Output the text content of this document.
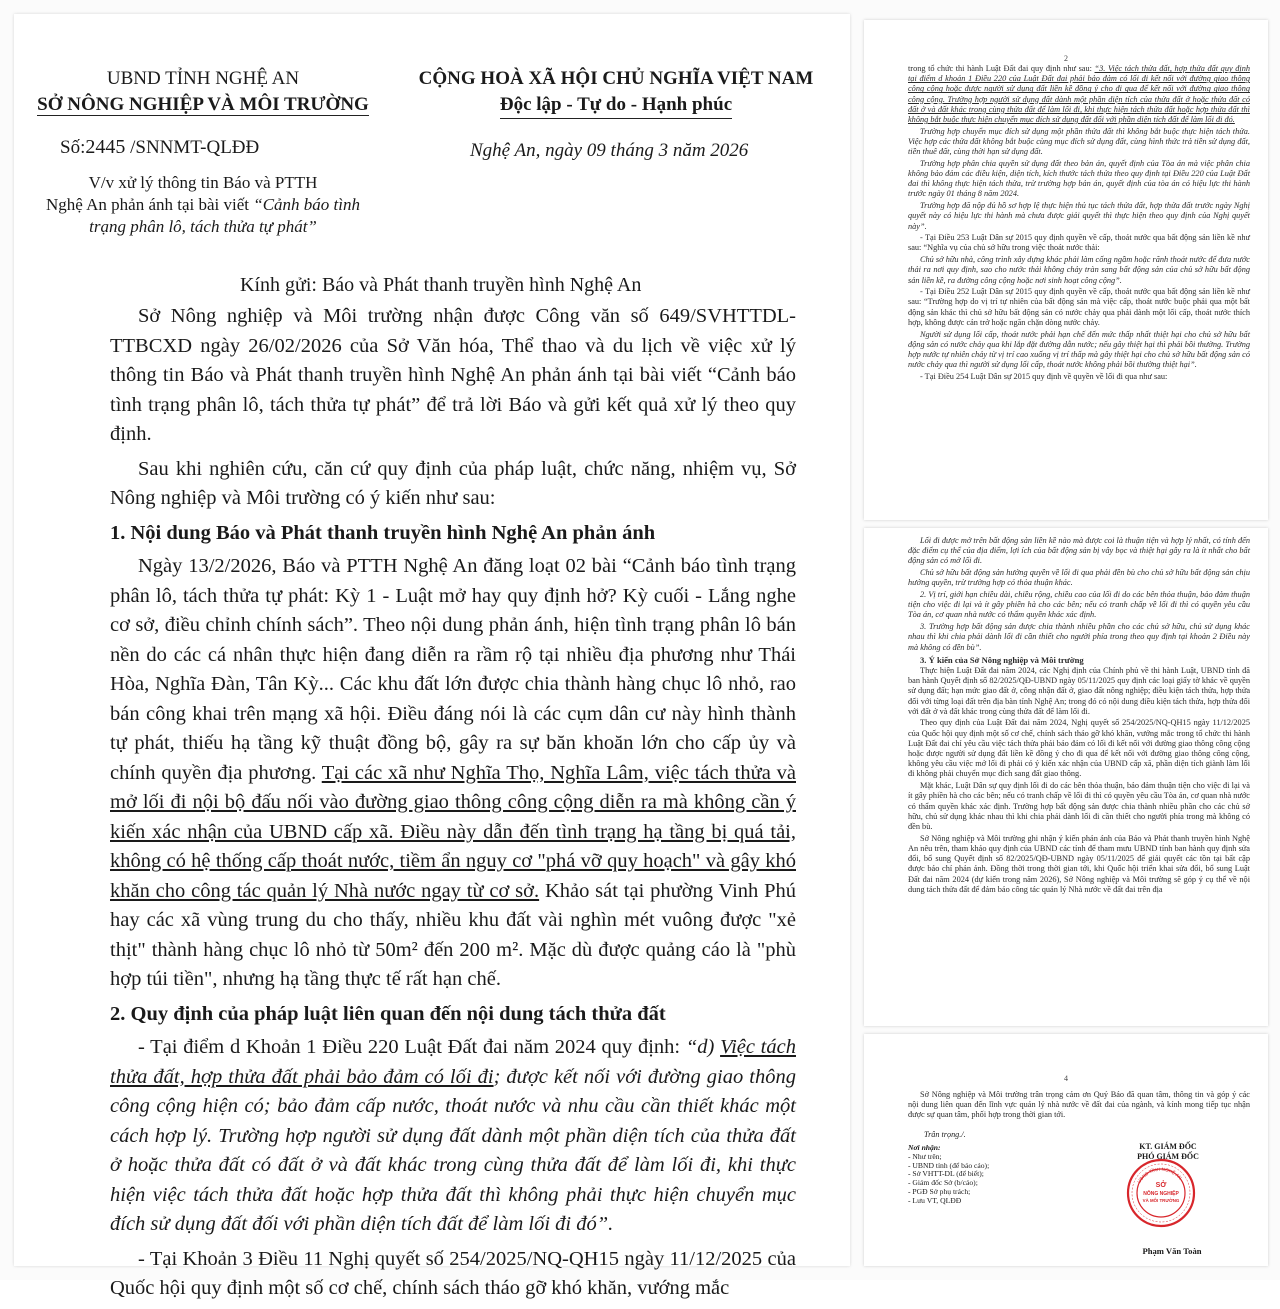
UBND TỈNH NGHỆ AN
SỞ NÔNG NGHIỆP VÀ MÔI TRƯỜNG
CỘNG HOÀ XÃ HỘI CHỦ NGHĨA VIỆT NAM
Độc lập - Tự do - Hạnh phúc
Số:2445 /SNNMT-QLĐĐ	Nghệ An, ngày 09 tháng 3 năm 2026
V/v xử lý thông tin Báo và PTTH
Nghệ An phản ánh tại bài viết “Cảnh báo tình trạng phân lô, tách thửa tự phát”
Kính gửi: Báo và Phát thanh truyền hình Nghệ An

Sở Nông nghiệp và Môi trường nhận được Công văn số 649/SVHTTDL-TTBCXD ngày 26/02/2026 của Sở Văn hóa, Thể thao và du lịch về việc xử lý thông tin Báo và Phát thanh truyền hình Nghệ An phản ánh tại bài viết “Cảnh báo tình trạng phân lô, tách thửa tự phát” để trả lời Báo và gửi kết quả xử lý theo quy định.

Sau khi nghiên cứu, căn cứ quy định của pháp luật, chức năng, nhiệm vụ, Sở Nông nghiệp và Môi trường có ý kiến như sau:

1. Nội dung Báo và Phát thanh truyền hình Nghệ An phản ánh

Ngày 13/2/2026, Báo và PTTH Nghệ An đăng loạt 02 bài “Cảnh báo tình trạng phân lô, tách thửa tự phát: Kỳ 1 - Luật mở hay quy định hở? Kỳ cuối - Lắng nghe cơ sở, điều chỉnh chính sách”. Theo nội dung phản ánh, hiện tình trạng phân lô bán nền do các cá nhân thực hiện đang diễn ra rầm rộ tại nhiều địa phương như Thái Hòa, Nghĩa Đàn, Tân Kỳ... Các khu đất lớn được chia thành hàng chục lô nhỏ, rao bán công khai trên mạng xã hội. Điều đáng nói là các cụm dân cư này hình thành tự phát, thiếu hạ tầng kỹ thuật đồng bộ, gây ra sự băn khoăn lớn cho cấp ủy và chính quyền địa phương. Tại các xã như Nghĩa Thọ, Nghĩa Lâm, việc tách thửa và mở lối đi nội bộ đấu nối vào đường giao thông công cộng diễn ra mà không cần ý kiến xác nhận của UBND cấp xã. Điều này dẫn đến tình trạng hạ tầng bị quá tải, không có hệ thống cấp thoát nước, tiềm ẩn nguy cơ "phá vỡ quy hoạch" và gây khó khăn cho công tác quản lý Nhà nước ngay từ cơ sở. Khảo sát tại phường Vinh Phú hay các xã vùng trung du cho thấy, nhiều khu đất vài nghìn mét vuông được "xẻ thịt" thành hàng chục lô nhỏ từ 50m² đến 200 m². Mặc dù được quảng cáo là "phù hợp túi tiền", nhưng hạ tầng thực tế rất hạn chế.

2. Quy định của pháp luật liên quan đến nội dung tách thửa đất

- Tại điểm d Khoản 1 Điều 220 Luật Đất đai năm 2024 quy định: “d) Việc tách thửa đất, hợp thửa đất phải bảo đảm có lối đi; được kết nối với đường giao thông công cộng hiện có; bảo đảm cấp nước, thoát nước và nhu cầu cần thiết khác một cách hợp lý. Trường hợp người sử dụng đất dành một phần diện tích của thửa đất ở hoặc thửa đất có đất ở và đất khác trong cùng thửa đất để làm lối đi, khi thực hiện việc tách thửa đất hoặc hợp thửa đất thì không phải thực hiện chuyển mục đích sử dụng đất đối với phần diện tích đất để làm lối đi đó”.

- Tại Khoản 3 Điều 11 Nghị quyết số 254/2025/NQ-QH15 ngày 11/12/2025 của Quốc hội quy định một số cơ chế, chính sách tháo gỡ khó khăn, vướng mắc

2

trong tổ chức thi hành Luật Đất đai quy định như sau: “3. Việc tách thửa đất, hợp thửa đất quy định tại điểm d khoản 1 Điều 220 của Luật Đất đai phải bảo đảm có lối đi kết nối với đường giao thông công cộng hoặc được người sử dụng đất liền kề đồng ý cho đi qua để kết nối với đường giao thông công cộng. Trường hợp người sử dụng đất dành một phần diện tích của thửa đất ở hoặc thửa đất có đất ở và đất khác trong cùng thửa đất để làm lối đi, khi thực hiện tách thửa đất hoặc hợp thửa đất thì không bắt buộc thực hiện chuyển mục đích sử dụng đất đối với phần diện tích đất để làm lối đi đó.

Trường hợp chuyển mục đích sử dụng một phần thửa đất thì không bắt buộc thực hiện tách thửa. Việc hợp các thửa đất không bắt buộc cùng mục đích sử dụng đất, cùng hình thức trả tiền sử dụng đất, tiền thuê đất, cùng thời hạn sử dụng đất.

Trường hợp phân chia quyền sử dụng đất theo bản án, quyết định của Tòa án mà việc phân chia không bảo đảm các điều kiện, diện tích, kích thước tách thửa theo quy định tại Điều 220 của Luật Đất đai thì không thực hiện tách thửa, trừ trường hợp bản án, quyết định của tòa án có hiệu lực thi hành trước ngày 01 tháng 8 năm 2024.

Trường hợp đã nộp đủ hồ sơ hợp lệ thực hiện thủ tục tách thửa đất, hợp thửa đất trước ngày Nghị quyết này có hiệu lực thi hành mà chưa được giải quyết thì thực hiện theo quy định của Nghị quyết này”.

- Tại Điều 253 Luật Dân sự 2015 quy định quyền về cấp, thoát nước qua bất động sản liền kề như sau: “Nghĩa vụ của chủ sở hữu trong việc thoát nước thải:

Chủ sở hữu nhà, công trình xây dựng khác phải làm cống ngầm hoặc rãnh thoát nước để đưa nước thải ra nơi quy định, sao cho nước thải không chảy tràn sang bất động sản của chủ sở hữu bất động sản liền kề, ra đường công cộng hoặc nơi sinh hoạt công cộng”.

- Tại Điều 252 Luật Dân sự 2015 quy định quyền về cấp, thoát nước qua bất động sản liền kề như sau: “Trường hợp do vị trí tự nhiên của bất động sản mà việc cấp, thoát nước buộc phải qua một bất động sản khác thì chủ sở hữu bất động sản có nước chảy qua phải dành một lối cấp, thoát nước thích hợp, không được cản trở hoặc ngăn chặn dòng nước chảy.

Người sử dụng lối cấp, thoát nước phải hạn chế đến mức thấp nhất thiệt hại cho chủ sở hữu bất động sản có nước chảy qua khi lắp đặt đường dẫn nước; nếu gây thiệt hại thì phải bồi thường. Trường hợp nước tự nhiên chảy từ vị trí cao xuống vị trí thấp mà gây thiệt hại cho chủ sở hữu bất động sản có nước chảy qua thì người sử dụng lối cấp, thoát nước không phải bồi thường thiệt hại”.

- Tại Điều 254 Luật Dân sự 2015 quy định về quyền về lối đi qua như sau:

Lối đi được mở trên bất động sản liền kề nào mà được coi là thuận tiện và hợp lý nhất, có tính đến đặc điểm cụ thể của địa điểm, lợi ích của bất động sản bị vây bọc và thiệt hại gây ra là ít nhất cho bất động sản có mở lối đi.

Chủ sở hữu bất động sản hưởng quyền về lối đi qua phải đền bù cho chủ sở hữu bất động sản chịu hưởng quyền, trừ trường hợp có thỏa thuận khác.

2. Vị trí, giới hạn chiều dài, chiều rộng, chiều cao của lối đi do các bên thỏa thuận, bảo đảm thuận tiện cho việc đi lại và ít gây phiền hà cho các bên; nếu có tranh chấp về lối đi thì có quyền yêu cầu Tòa án, cơ quan nhà nước có thẩm quyền khác xác định.

3. Trường hợp bất động sản được chia thành nhiều phần cho các chủ sở hữu, chủ sử dụng khác nhau thì khi chia phải dành lối đi cần thiết cho người phía trong theo quy định tại khoản 2 Điều này mà không có đền bù”.

3. Ý kiến của Sở Nông nghiệp và Môi trường

Thực hiện Luật Đất đai năm 2024, các Nghị định của Chính phủ về thi hành Luật, UBND tỉnh đã ban hành Quyết định số 82/2025/QĐ-UBND ngày 05/11/2025 quy định các loại giấy tờ khác về quyền sử dụng đất; hạn mức giao đất ở, công nhận đất ở, giao đất nông nghiệp; điều kiện tách thửa, hợp thửa đối với từng loại đất trên địa bàn tỉnh Nghệ An; trong đó có nội dung điều kiện tách thửa, hợp thửa đối với đất ở và đất khác trong cùng thửa đất để làm lối đi.

Theo quy định của Luật Đất đai năm 2024, Nghị quyết số 254/2025/NQ-QH15 ngày 11/12/2025 của Quốc hội quy định một số cơ chế, chính sách tháo gỡ khó khăn, vướng mắc trong tổ chức thi hành Luật Đất đai chỉ yêu cầu việc tách thửa phải bảo đảm có lối đi kết nối với đường giao thông công cộng hoặc được người sử dụng đất liền kề đồng ý cho đi qua để kết nối với đường giao thông công cộng, không yêu cầu việc mở lối đi phải có ý kiến xác nhận của UBND cấp xã, phần diện tích giành làm lối đi không phải chuyển mục đích sang đất giao thông.

Mặt khác, Luật Dân sự quy định lối đi do các bên thỏa thuận, bảo đảm thuận tiện cho việc đi lại và ít gây phiền hà cho các bên; nếu có tranh chấp về lối đi thì có quyền yêu cầu Tòa án, cơ quan nhà nước có thẩm quyền khác xác định. Trường hợp bất động sản được chia thành nhiều phần cho các chủ sở hữu, chủ sử dụng khác nhau thì khi chia phải dành lối đi cần thiết cho người phía trong mà không có đền bù.

Sở Nông nghiệp và Môi trường ghi nhận ý kiến phản ánh của Báo và Phát thanh truyền hình Nghệ An nêu trên, tham khảo quy định của UBND các tỉnh để tham mưu UBND tỉnh ban hành quy định sửa đổi, bổ sung Quyết định số 82/2025/QĐ-UBND ngày 05/11/2025 để giải quyết các tồn tại bất cập được báo chí phản ánh. Đồng thời trong thời gian tới, khi Quốc hội triển khai sửa đổi, bổ sung Luật Đất đai năm 2024 (dự kiến trong năm 2026), Sở Nông nghiệp và Môi trường sẽ góp ý cụ thể về nội dung tách thửa đất để đảm bảo công tác quản lý Nhà nước về đất đai trên địa

4

Sở Nông nghiệp và Môi trường trân trọng cảm ơn Quý Báo đã quan tâm, thông tin và góp ý các nội dung liên quan đến lĩnh vực quản lý nhà nước về đất đai của ngành, và kính mong tiếp tục nhận được sự quan tâm, phối hợp trong thời gian tới.

Trân trọng./.
Nơi nhận:
- Như trên;
- UBND tỉnh (để báo cáo);
- Sở VHTT-DL (để biết);
- Giám đốc Sở (b/cáo);
- PGĐ Sở phụ trách;
- Lưu VT, QLĐĐ
KT. GIÁM ĐỐC
PHÓ GIÁM ĐỐC
SỞ
NÔNG NGHIỆP
VÀ MÔI TRƯỜNG
UBND TỈNH NGHỆ AN
Phạm Văn Toàn
